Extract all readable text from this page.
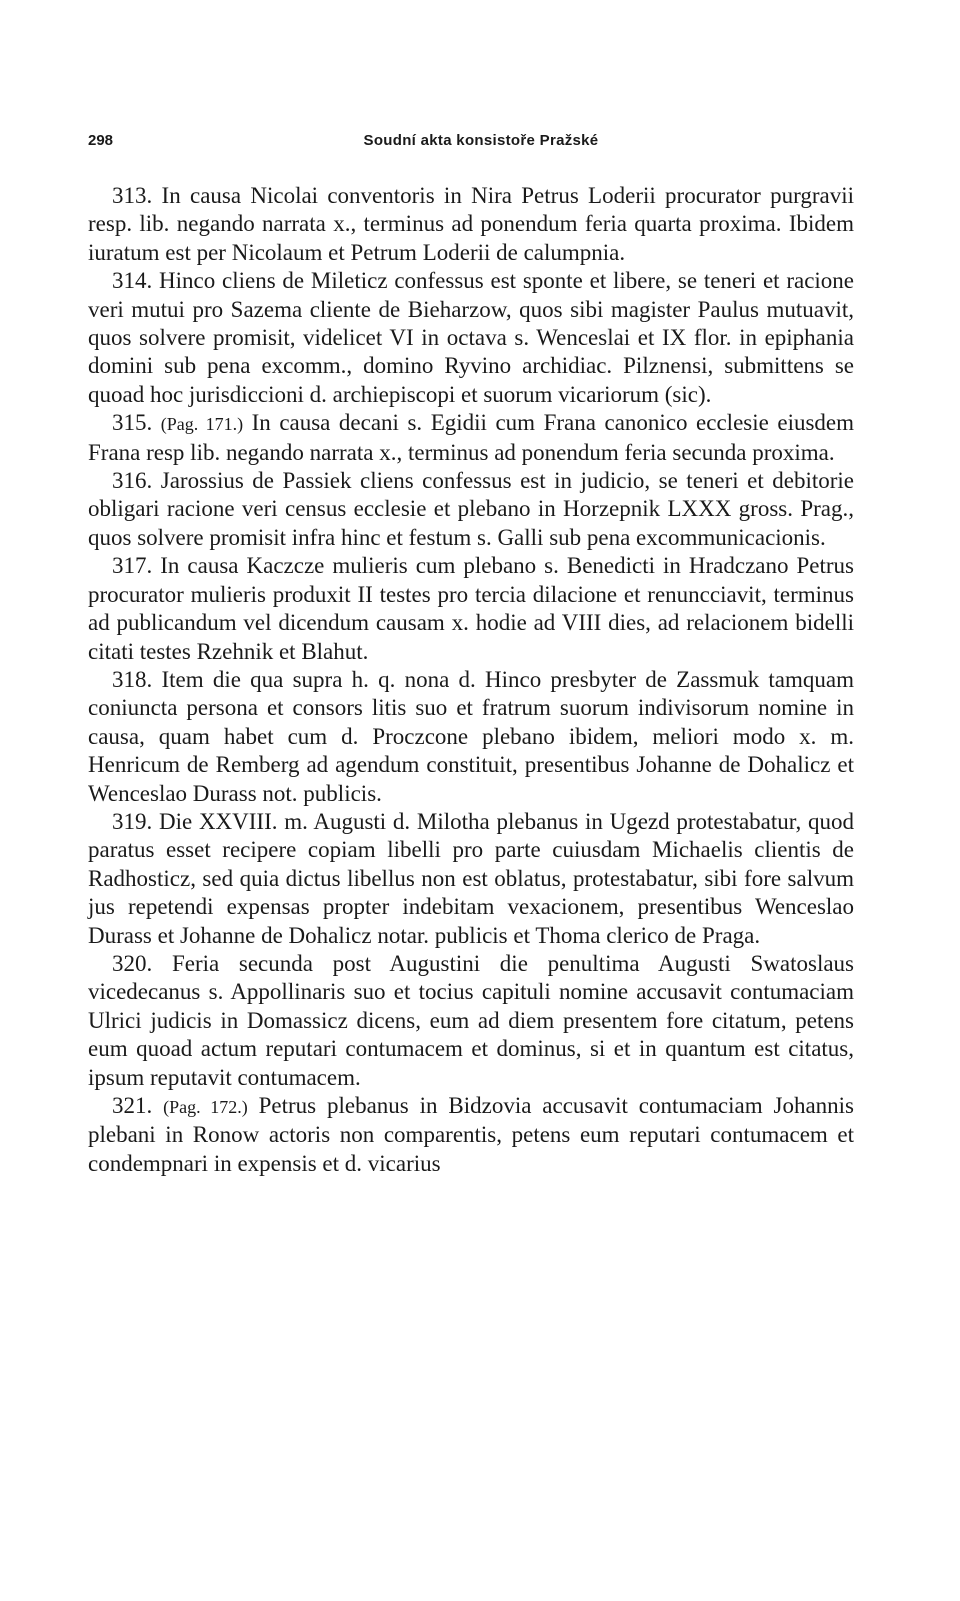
298	Soudní akta konsistoře Pražské

313. In causa Nicolai conventoris in Nira Petrus Loderii procurator purgravii resp. lib. negando narrata x., terminus ad ponendum feria quarta proxima. Ibidem iuratum est per Nicolaum et Petrum Loderii de calumpnia.

314. Hinco cliens de Mileticz confessus est sponte et libere, se teneri et racione veri mutui pro Sazema cliente de Bieharzow, quos sibi magister Paulus mutuavit, quos solvere promisit, videlicet VI in octava s. Wenceslai et IX flor. in epiphania domini sub pena excomm., domino Ryvino archidiac. Pilznensi, submittens se quoad hoc jurisdiccioni d. archiepiscopi et suorum vicariorum (sic).

315. (Pag. 171.) In causa decani s. Egidii cum Frana canonico ecclesie eiusdem Frana resp lib. negando narrata x., terminus ad ponendum feria secunda proxima.

316. Jarossius de Passiek cliens confessus est in judicio, se teneri et debitorie obligari racione veri census ecclesie et plebano in Horzepnik LXXX gross. Prag., quos solvere promisit infra hinc et festum s. Galli sub pena excommunicacionis.

317. In causa Kaczcze mulieris cum plebano s. Benedicti in Hradczano Petrus procurator mulieris produxit II testes pro tercia dilacione et renuncciavit, terminus ad publicandum vel dicendum causam x. hodie ad VIII dies, ad relacionem bidelli citati testes Rzehnik et Blahut.

318. Item die qua supra h. q. nona d. Hinco presbyter de Zassmuk tamquam coniuncta persona et consors litis suo et fratrum suorum indivisorum nomine in causa, quam habet cum d. Proczcone plebano ibidem, meliori modo x. m. Henricum de Remberg ad agendum constituit, presentibus Johanne de Dohalicz et Wenceslao Durass not. publicis.

319. Die XXVIII. m. Augusti d. Milotha plebanus in Ugezd protestabatur, quod paratus esset recipere copiam libelli pro parte cuiusdam Michaelis clientis de Radhosticz, sed quia dictus libellus non est oblatus, protestabatur, sibi fore salvum jus repetendi expensas propter indebitam vexacionem, presentibus Wenceslao Durass et Johanne de Dohalicz notar. publicis et Thoma clerico de Praga.

320. Feria secunda post Augustini die penultima Augusti Swatoslaus vicedecanus s. Appollinaris suo et tocius capituli nomine accusavit contumaciam Ulrici judicis in Domassicz dicens, eum ad diem presentem fore citatum, petens eum quoad actum reputari contumacem et dominus, si et in quantum est citatus, ipsum reputavit contumacem.

321. (Pag. 172.) Petrus plebanus in Bidzovia accusavit contumaciam Johannis plebani in Ronow actoris non comparentis, petens eum reputari contumacem et condempnari in expensis et d. vicarius
